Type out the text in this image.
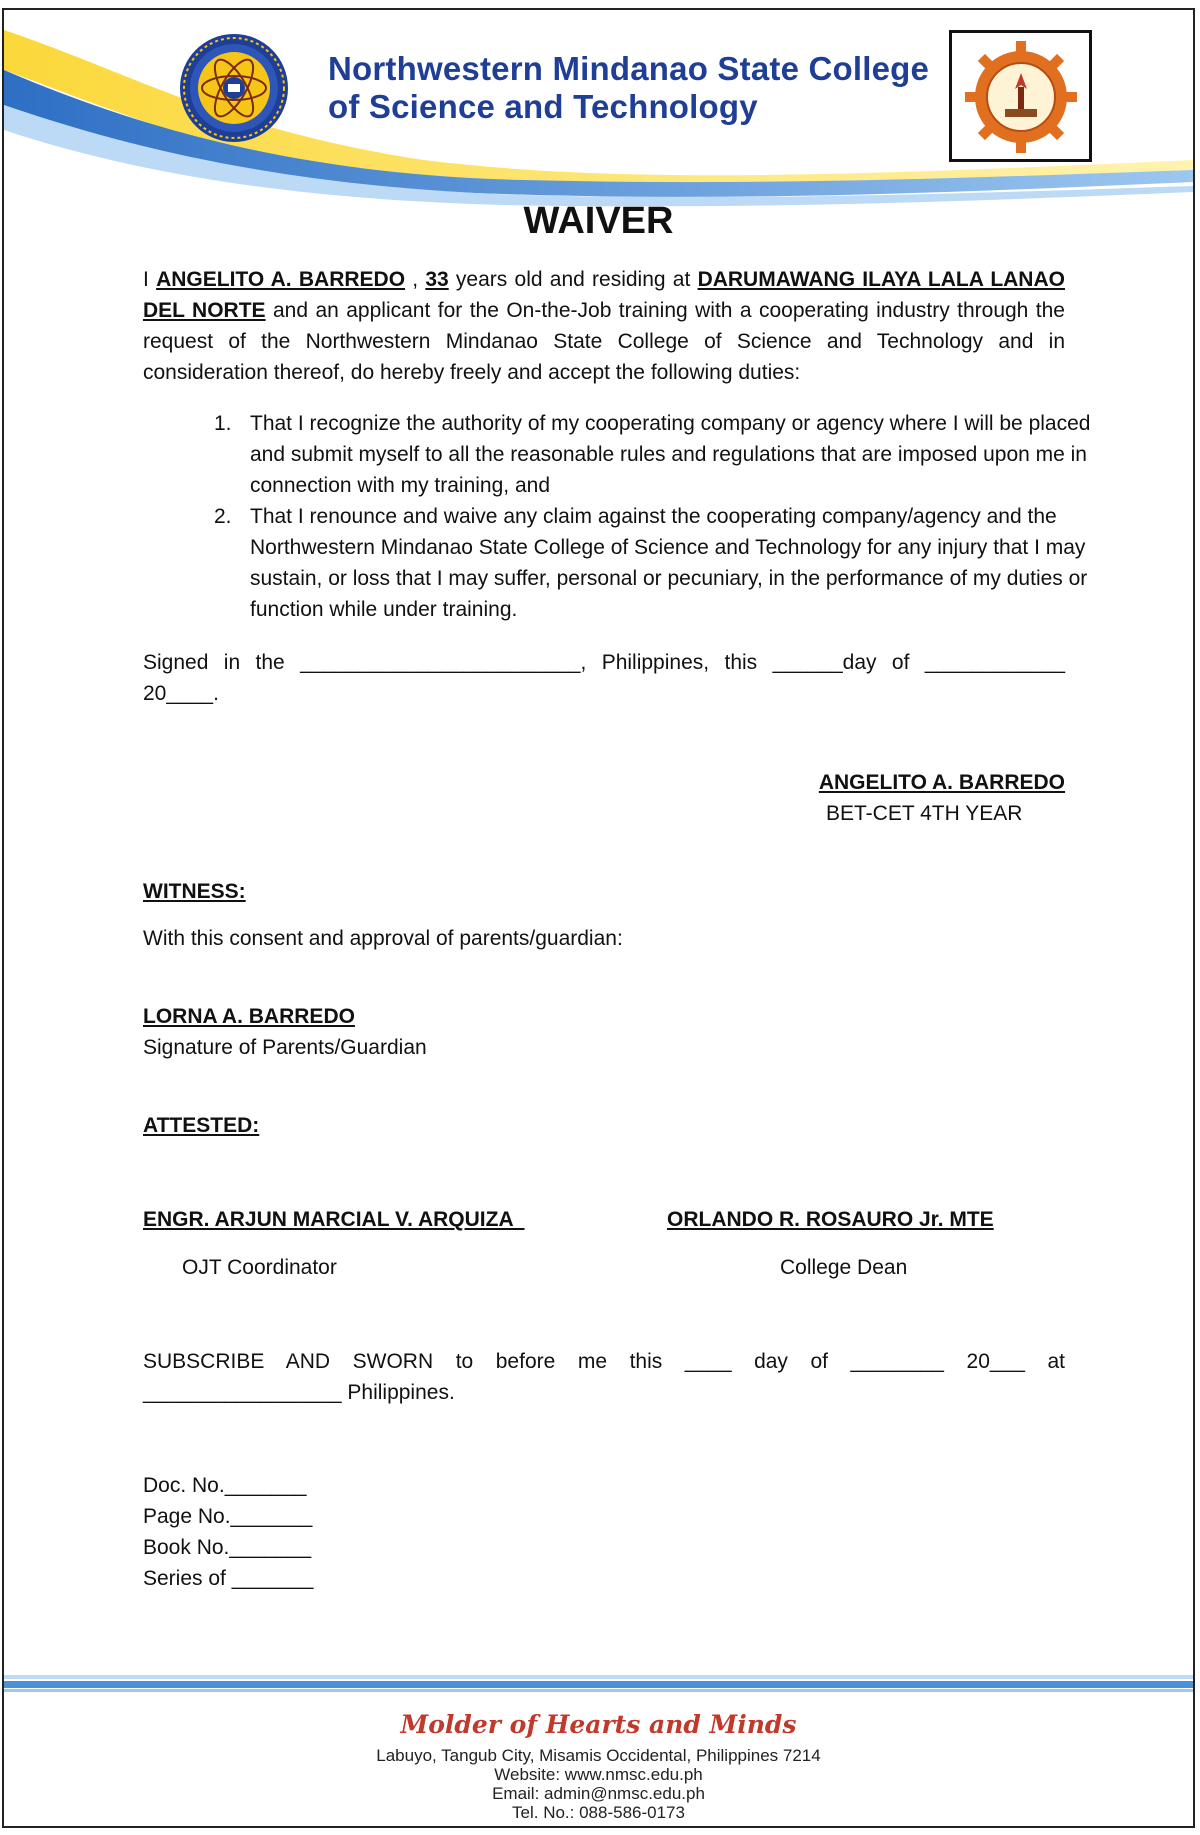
Northwestern Mindanao State College
of Science and Technology
WAIVER
I ANGELITO A. BARREDO , 33 years old and residing at DARUMAWANG ILAYA LALA LANAO DEL NORTE and an applicant for the On-the-Job training with a cooperating industry through the request of the Northwestern Mindanao State College of Science and Technology and in consideration thereof, do hereby freely and accept the following duties:
1. That I recognize the authority of my cooperating company or agency where I will be placed and submit myself to all the reasonable rules and regulations that are imposed upon me in connection with my training, and
2. That I renounce and waive any claim against the cooperating company/agency and the Northwestern Mindanao State College of Science and Technology for any injury that I may sustain, or loss that I may suffer, personal or pecuniary, in the performance of my duties or function while under training.
Signed in the ________________________, Philippines, this ______day of ____________ 20____.
ANGELITO A. BARREDO
BET-CET 4TH YEAR
WITNESS:
With this consent and approval of parents/guardian:
LORNA A. BARREDO
Signature of Parents/Guardian
ATTESTED:
ENGR. ARJUN MARCIAL V. ARQUIZA
OJT Coordinator
ORLANDO R. ROSAURO Jr. MTE
College Dean
SUBSCRIBE AND SWORN to before me this ____ day of ________ 20___ at _________________ Philippines.
Doc. No._______
Page No._______
Book No._______
Series of _______
Molder of Hearts and Minds
Labuyo, Tangub City, Misamis Occidental, Philippines 7214
Website: www.nmsc.edu.ph
Email: admin@nmsc.edu.ph
Tel. No.: 088-586-0173
